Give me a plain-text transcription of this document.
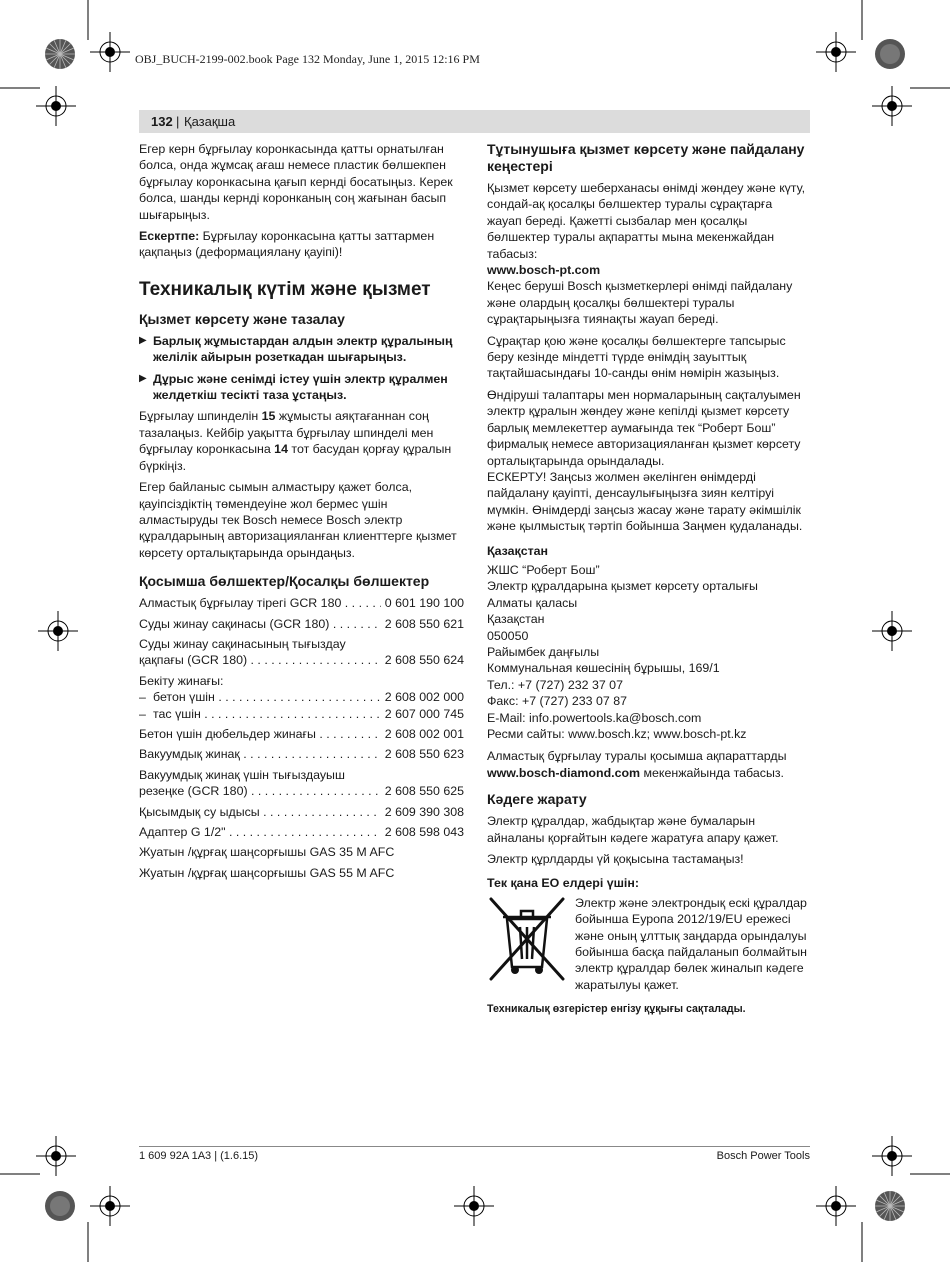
OBJ_BUCH-2199-002.book Page 132 Monday, June 1, 2015 12:16 PM
132 | Қазақша

Егер керн бұрғылау коронкасында қатты орнатылған болса, онда жұмсақ ағаш немесе пластик бөлшекпен бұрғылау коронкасына қағып кернді босатыңыз. Керек болса, шанды кернді коронканың соң жағынан басып шығарыңыз.

Ескертпе: Бұрғылау коронкасына қатты заттармен қақпаңыз (деформациялану қауіпі)!

Техникалық күтім және қызмет
Қызмет көрсету және тазалау
▶ Барлық жұмыстардан алдын электр құралының желілік айырын розеткадан шығарыңыз.
▶ Дұрыс және сенімді істеу үшін электр құралмен желдеткіш тесікті таза ұстаңыз.

Бұрғылау шпинделін 15 жұмысты аяқтағаннан соң тазалаңыз. Кейбір уақытта бұрғылау шпинделі мен бұрғылау коронкасына 14 тот басудан қорғау құралын бүркіңіз.

Егер байланыс сымын алмастыру қажет болса, қауіпсіздіктің төмендеуіне жол бермес үшін алмастыруды тек Bosch немесе Bosch электр құралдарының авторизацияланған клиенттерге қызмет көрсету орталықтарында орындаңыз.

Қосымша бөлшектер/Қосалқы бөлшектер
Алмастық бұрғылау тірегі GCR 180 . . .	0 601 190 100
Суды жинау сақинасы (GCR 180) . . .	2 608 550 621
Суды жинау сақинасының тығыздау
қақпағы (GCR 180) . . .	2 608 550 624
Бекіту жинағы:
– бетон үшін . . .	2 608 002 000
– тас үшін . . .	2 607 000 745
Бетон үшін дюбельдер жинағы . . .	2 608 002 001
Вакуумдық жинақ . . .	2 608 550 623
Вакуумдық жинақ үшін тығыздауыш
резеңке (GCR 180) . . .	2 608 550 625
Қысымдық су ыдысы . . .	2 609 390 308
Адаптер G 1/2" . . .	2 608 598 043
Жуатын /құрғақ шаңсорғышы GAS 35 M AFC
Жуатын /құрғақ шаңсорғышы GAS 55 M AFC
Тұтынушыға қызмет көрсету және пайдалану кеңестері

Қызмет көрсету шеберханасы өнімді жөндеу және күту, сондай-ақ қосалқы бөлшектер туралы сұрақтарға жауап береді. Қажетті сызбалар мен қосалқы бөлшектер туралы ақпаратты мына мекенжайдан табасыз:

www.bosch-pt.com

Кеңес беруші Bosch қызметкерлері өнімді пайдалану және олардың қосалқы бөлшектері туралы сұрақтарыңызға тиянақты жауап береді.

Сұрақтар қою және қосалқы бөлшектерге тапсырыс беру кезінде міндетті түрде өнімдің зауыттық тақтайшасындағы 10-санды өнім нөмірін жазыңыз.

Өндіруші талаптары мен нормаларының сақталуымен электр құралын жөндеу және кепілді қызмет көрсету барлық мемлекеттер аумағында тек “Роберт Бош” фирмалық немесе авторизацияланған қызмет көрсету орталықтарында орындалады.

ЕСКЕРТУ! Заңсыз жолмен әкелінген өнімдерді пайдалану қауіпті, денсаулығыңызға зиян келтіруі мүмкін. Өнімдерді заңсыз жасау және тарату әкімшілік және қылмыстық тәртіп бойынша Заңмен қудаланады.

Қазақстан
ЖШС “Роберт Бош”
Электр құралдарына қызмет көрсету орталығы
Алматы қаласы
Қазақстан
050050
Райымбек даңғылы
Коммунальная көшесінің бұрышы, 169/1
Тел.: +7 (727) 232 37 07
Факс: +7 (727) 233 07 87
E-Mail: info.powertools.ka@bosch.com
Ресми сайты: www.bosch.kz; www.bosch-pt.kz

Алмастық бұрғылау туралы қосымша ақпараттарды www.bosch-diamond.com мекенжайында табасыз.

Кәдеге жарату

Электр құралдар, жабдықтар және бумаларын айналаны қорғайтын кәдеге жаратуға апару қажет.

Электр құрлдарды үй қоқысына тастамаңыз!

Тек қана ЕО елдері үшін:
Электр және электрондық ескі құралдар бойынша Еуропа 2012/19/EU ережесі және оның ұлттық заңдарда орындалуы бойынша басқа пайдаланып болмайтын электр құралдар бөлек жиналып кәдеге жаратылуы қажет.
Техникалық өзгерістер енгізу құқығы сақталады.
1 609 92A 1A3 | (1.6.15)	Bosch Power Tools
